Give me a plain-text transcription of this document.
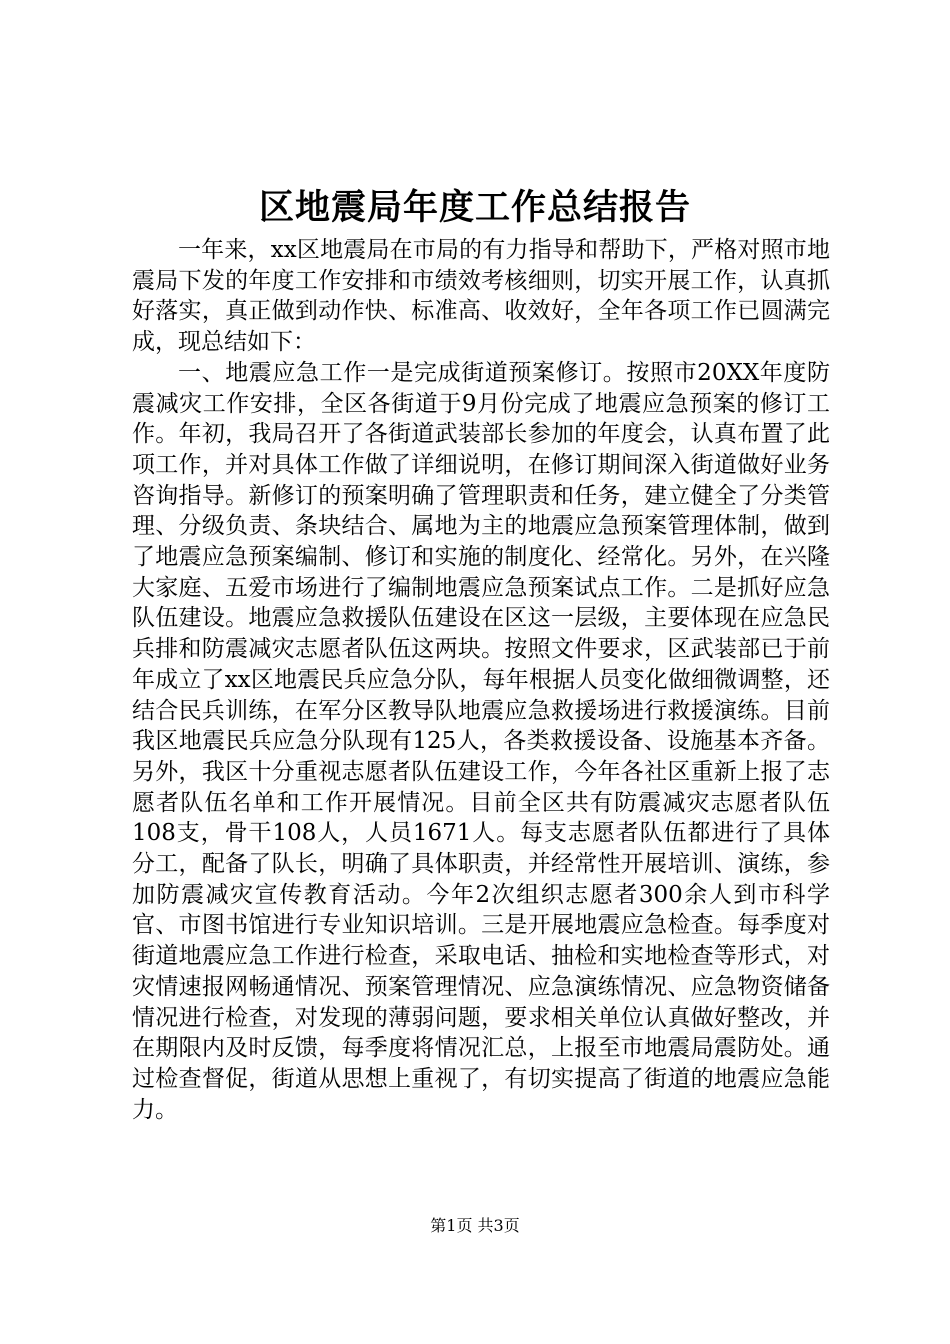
区地震局年度工作总结报告

一年来，xx区地震局在市局的有力指导和帮助下，严格对照市地震局下发的年度工作安排和市绩效考核细则，切实开展工作，认真抓好落实，真正做到动作快、标准高、收效好，全年各项工作已圆满完成，现总结如下：

一、地震应急工作一是完成街道预案修订。按照市20XX年度防震减灾工作安排，全区各街道于9月份完成了地震应急预案的修订工作。年初，我局召开了各街道武装部长参加的年度会，认真布置了此项工作，并对具体工作做了详细说明，在修订期间深入街道做好业务咨询指导。新修订的预案明确了管理职责和任务，建立健全了分类管理、分级负责、条块结合、属地为主的地震应急预案管理体制，做到了地震应急预案编制、修订和实施的制度化、经常化。另外，在兴隆大家庭、五爱市场进行了编制地震应急预案试点工作。二是抓好应急队伍建设。地震应急救援队伍建设在区这一层级，主要体现在应急民兵排和防震减灾志愿者队伍这两块。按照文件要求，区武装部已于前年成立了xx区地震民兵应急分队，每年根据人员变化做细微调整，还结合民兵训练，在军分区教导队地震应急救援场进行救援演练。目前我区地震民兵应急分队现有125人，各类救援设备、设施基本齐备。另外，我区十分重视志愿者队伍建设工作，今年各社区重新上报了志愿者队伍名单和工作开展情况。目前全区共有防震减灾志愿者队伍108支，骨干108人，人员1671人。每支志愿者队伍都进行了具体分工，配备了队长，明确了具体职责，并经常性开展培训、演练，参加防震减灾宣传教育活动。今年2次组织志愿者300余人到市科学官、市图书馆进行专业知识培训。三是开展地震应急检查。每季度对街道地震应急工作进行检查，采取电话、抽检和实地检查等形式，对灾情速报网畅通情况、预案管理情况、应急演练情况、应急物资储备情况进行检查，对发现的薄弱问题，要求相关单位认真做好整改，并在期限内及时反馈，每季度将情况汇总，上报至市地震局震防处。通过检查督促，街道从思想上重视了，有切实提高了街道的地震应急能力。

第1页 共3页
